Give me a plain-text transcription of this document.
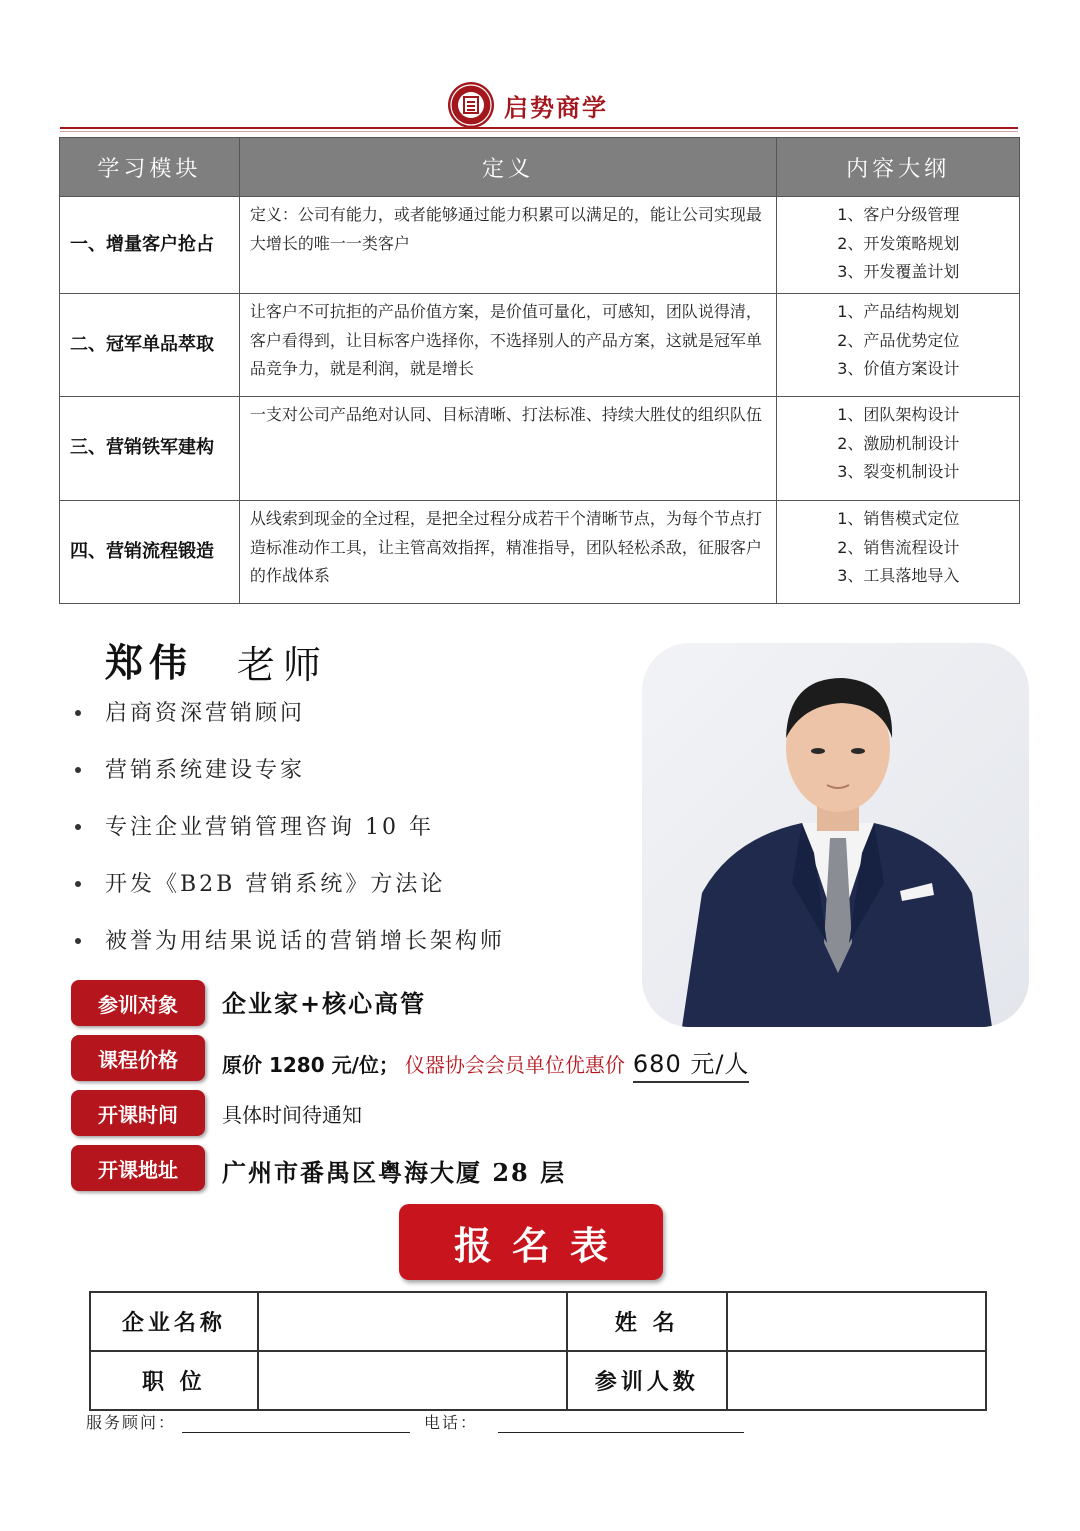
启势商学
学习模块	定义	内容大纲
一、增量客户抢占	定义：公司有能力，或者能够通过能力积累可以满足的，能让公司实现最大增长的唯一一类客户	1、客户分级管理
2、开发策略规划
3、开发覆盖计划

二、冠军单品萃取	让客户不可抗拒的产品价值方案，是价值可量化，可感知，团队说得清，客户看得到，让目标客户选择你，不选择别人的产品方案，这就是冠军单品竞争力，就是利润，就是增长	1、产品结构规划
2、产品优势定位
3、价值方案设计

三、营销铁军建构	一支对公司产品绝对认同、目标清晰、打法标准、持续大胜仗的组织队伍	1、团队架构设计
2、激励机制设计
3、裂变机制设计

四、营销流程锻造	从线索到现金的全过程，是把全过程分成若干个清晰节点，为每个节点打造标准动作工具，让主管高效指挥，精准指导，团队轻松杀敌，征服客户的作战体系	1、销售模式定位
2、销售流程设计
3、工具落地导入
郑伟 老师
启商资深营销顾问
营销系统建设专家
专注企业营销管理咨询 10 年
开发《B2B 营销系统》方法论
被誉为用结果说话的营销增长架构师
参训对象	企业家+核心高管
课程价格	原价 1280 元/位； 仪器协会会员单位优惠价 680 元/人
开课时间	具体时间待通知
开课地址	广州市番禺区粤海大厦 28 层
报名表
企业名称		姓 名	
职 位		参训人数	
服务顾问：	电话：
